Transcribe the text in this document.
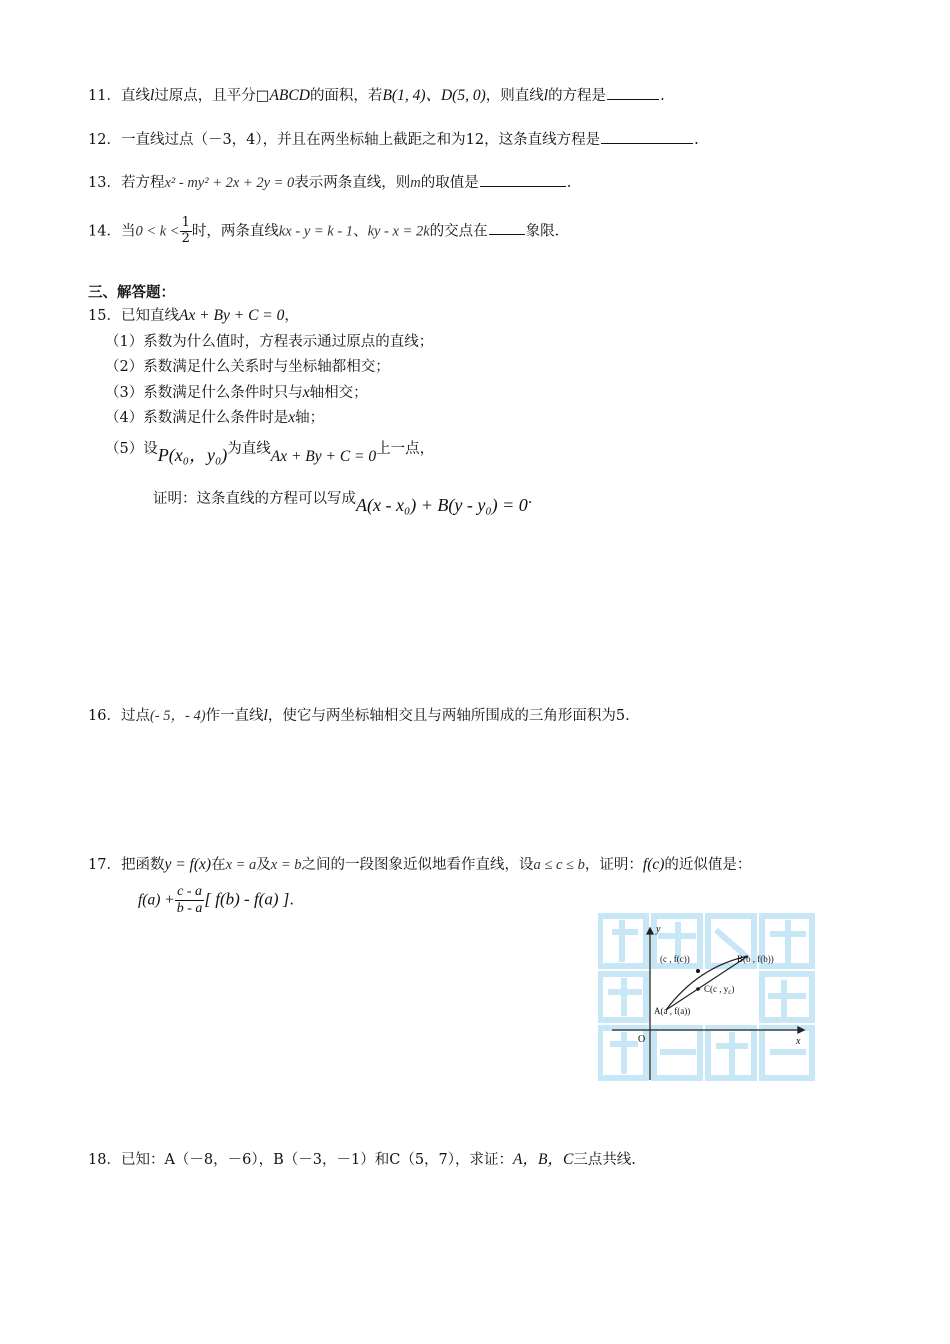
11．直线l过原点，且平分□ABCD的面积，若B(1, 4)、D(5, 0)，则直线l的方程是	.
12．一直线过点（－3，4），并且在两坐标轴上截距之和为12，这条直线方程是	.
13．若方程x² - my² + 2x + 2y = 0表示两条直线，则m的取值是	.
14．当$0 < k < \frac{1}{2}$ 时，两条直线kx - y = k - 1、ky - x = 2k的交点在	象限.
三、解答题：
15．已知直线Ax + By + C = 0，
（1）系数为什么值时，方程表示通过原点的直线；
（2）系数满足什么关系时与坐标轴都相交；
（3）系数满足什么条件时只与x轴相交；
（4）系数满足什么条件时是x轴；
（5）设P(x₀，y₀)为直线Ax + By + C = 0上一点，
证明：这条直线的方程可以写成A(x - x₀) + B(y - y₀) = 0.
16．过点(- 5，- 4)作一直线l，使它与两坐标轴相交且与两轴所围成的三角形面积为5.
17．把函数y = f(x)在x = a及x = b之间的一段图象近似地看作直线，设a ≤ c ≤ b，证明：f(c)的近似值是：
$f(a) + \frac{c - a}{b - a}$ [ f(b) - f(a) ].
y
x
O
(c , f(c))	B(b , f(b))
C(c , $y_c$)
A(a , f(a))
18．已知：A（－8，－6），B（－3，－1）和C（5，7），求证：A，B，C三点共线.
